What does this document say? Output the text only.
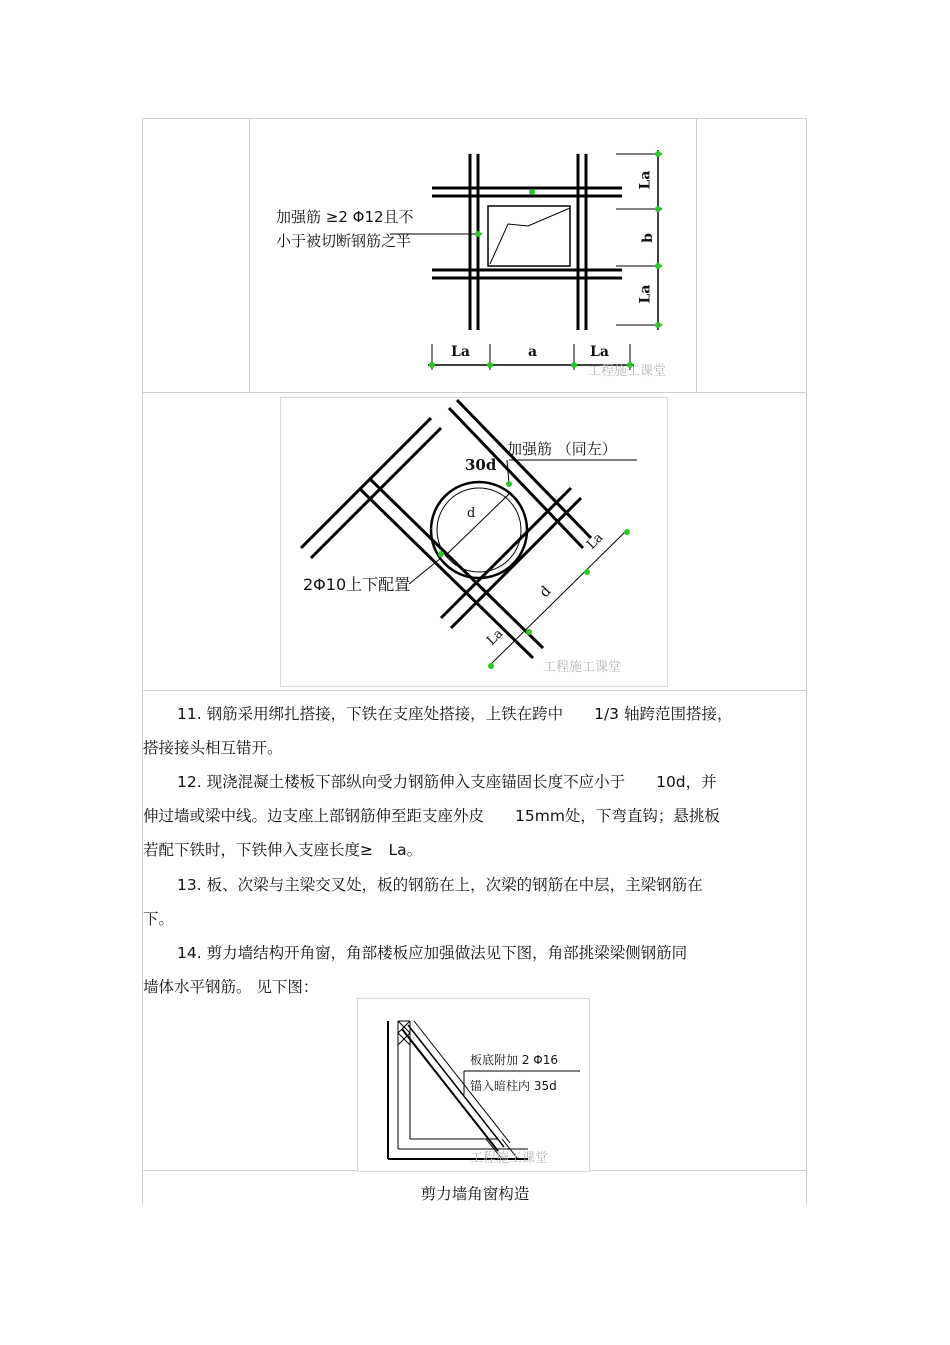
加强筋 ≥2 Φ12且不
小于被切断钢筋之半
La
b
La
La	a	La
工程施工课堂
加强筋 （同左）
30d
d
2Φ10上下配置
La
d
La
工程施工课堂
11. 钢筋采用绑扎搭接，下铁在支座处搭接，上铁在跨中　　1/3 轴跨范围搭接，
搭接接头相互错开。
12. 现浇混凝土楼板下部纵向受力钢筋伸入支座锚固长度不应小于　　10d，并
伸过墙或梁中线。边支座上部钢筋伸至距支座外皮　　15mm处，下弯直钩；悬挑板
若配下铁时，下铁伸入支座长度≥　La。
13. 板、次梁与主梁交叉处，板的钢筋在上，次梁的钢筋在中层，主梁钢筋在
下。
14. 剪力墙结构开角窗，角部楼板应加强做法见下图，角部挑梁梁侧钢筋同
墙体水平钢筋。 见下图：
板底附加 2 Φ16
锚入暗柱内 35d
工程施工课堂
剪力墙角窗构造
